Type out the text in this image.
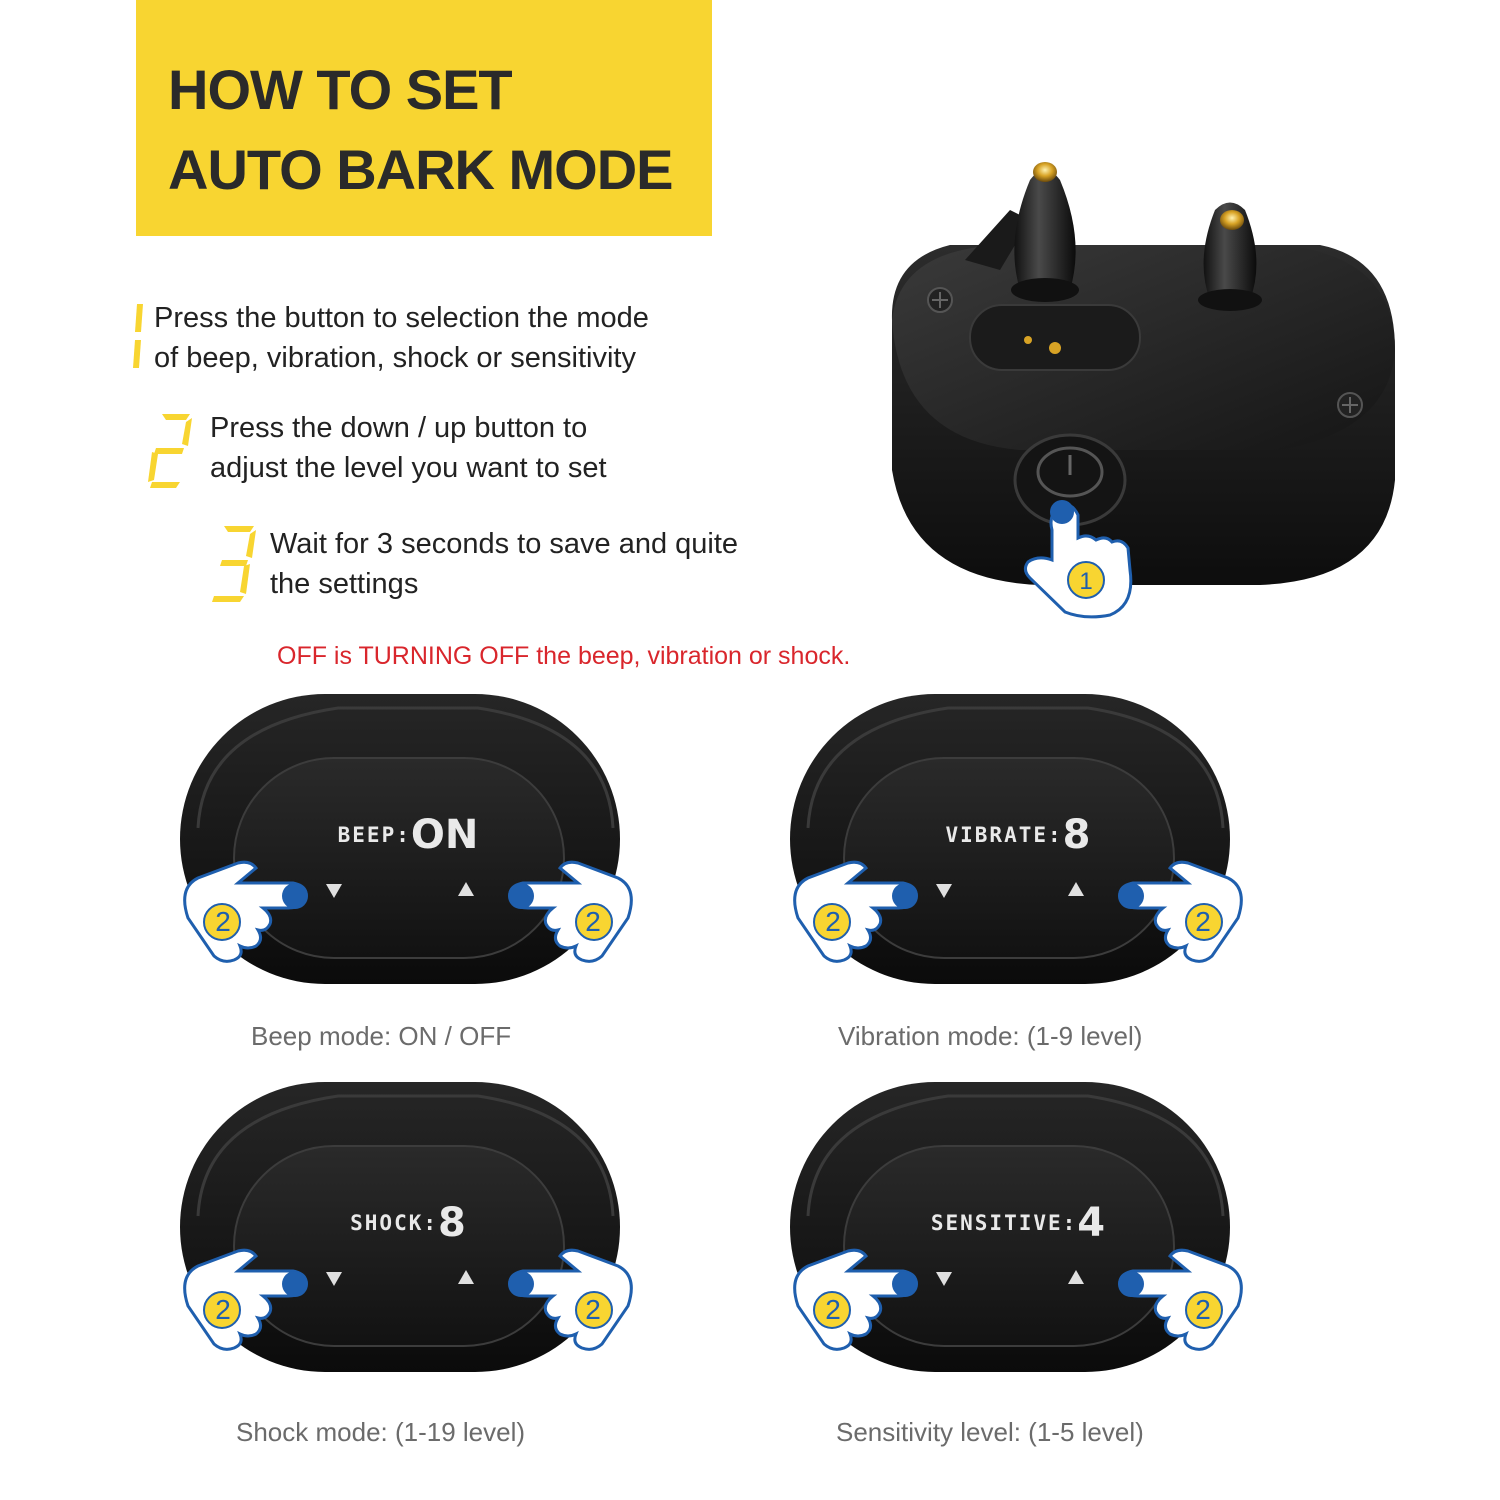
HOW TO SET
AUTO BARK MODE
Press the button to selection the mode
of beep, vibration, shock or sensitivity
Press the down / up button to
adjust the level you want to set
Wait for 3 seconds to save and quite
the settings
OFF is TURNING OFF the beep, vibration or shock.
1
BEEP:ON
2	2
VIBRATE:8
2	2
SHOCK:8
2	2
SENSITIVE:4
2	2
Beep mode: ON / OFF	Vibration mode: (1-9 level)
Shock mode: (1-19 level)	Sensitivity level: (1-5 level)
